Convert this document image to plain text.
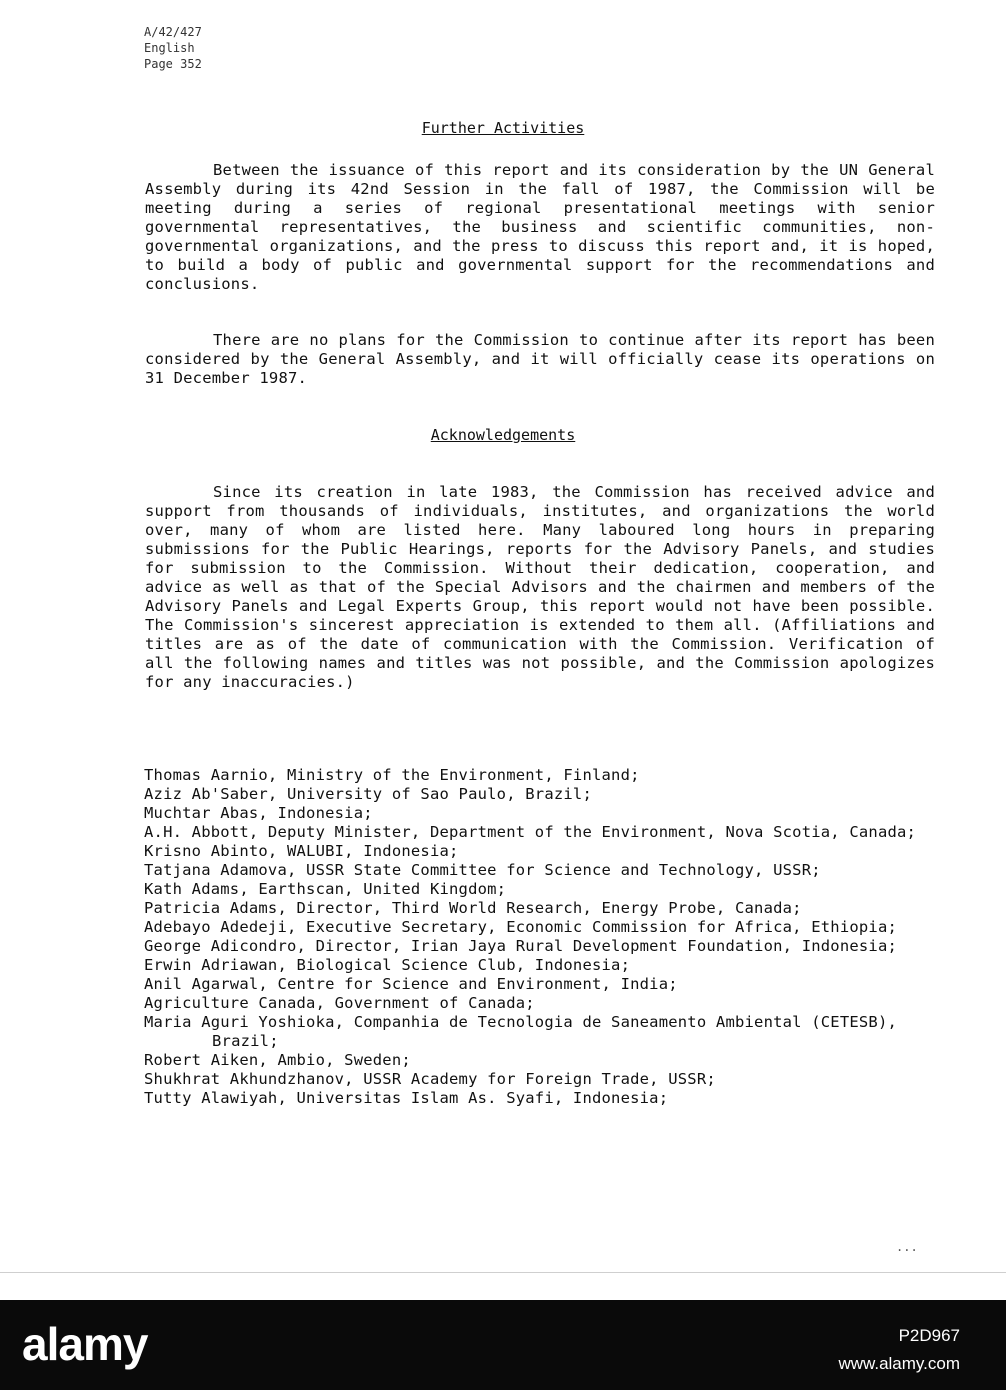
A/42/427
English
Page 352
Further Activities

Between the issuance of this report and its consideration by the UN General Assembly during its 42nd Session in the fall of 1987, the Commission will be meeting during a series of regional presentational meetings with senior governmental representatives, the business and scientific communities, non-governmental organizations, and the press to discuss this report and, it is hoped, to build a body of public and governmental support for the recommendations and conclusions.

There are no plans for the Commission to continue after its report has been considered by the General Assembly, and it will officially cease its operations on 31 December 1987.

Acknowledgements

Since its creation in late 1983, the Commission has received advice and support from thousands of individuals, institutes, and organizations the world over, many of whom are listed here. Many laboured long hours in preparing submissions for the Public Hearings, reports for the Advisory Panels, and studies for submission to the Commission. Without their dedication, cooperation, and advice as well as that of the Special Advisors and the chairmen and members of the Advisory Panels and Legal Experts Group, this report would not have been possible. The Commission's sincerest appreciation is extended to them all. (Affiliations and titles are as of the date of communication with the Commission. Verification of all the following names and titles was not possible, and the Commission apologizes for any inaccuracies.)

Thomas Aarnio, Ministry of the Environment, Finland;
Aziz Ab'Saber, University of Sao Paulo, Brazil;
Muchtar Abas, Indonesia;
A.H. Abbott, Deputy Minister, Department of the Environment, Nova Scotia, Canada;
Krisno Abinto, WALUBI, Indonesia;
Tatjana Adamova, USSR State Committee for Science and Technology, USSR;
Kath Adams, Earthscan, United Kingdom;
Patricia Adams, Director, Third World Research, Energy Probe, Canada;
Adebayo Adedeji, Executive Secretary, Economic Commission for Africa, Ethiopia;
George Adicondro, Director, Irian Jaya Rural Development Foundation, Indonesia;
Erwin Adriawan, Biological Science Club, Indonesia;
Anil Agarwal, Centre for Science and Environment, India;
Agriculture Canada, Government of Canada;
Maria Aguri Yoshioka, Companhia de Tecnologia de Saneamento Ambiental (CETESB), Brazil;
Robert Aiken, Ambio, Sweden;
Shukhrat Akhundzhanov, USSR Academy for Foreign Trade, USSR;
Tutty Alawiyah, Universitas Islam As. Syafi, Indonesia;
...
alamy	P2D967
www.alamy.com
